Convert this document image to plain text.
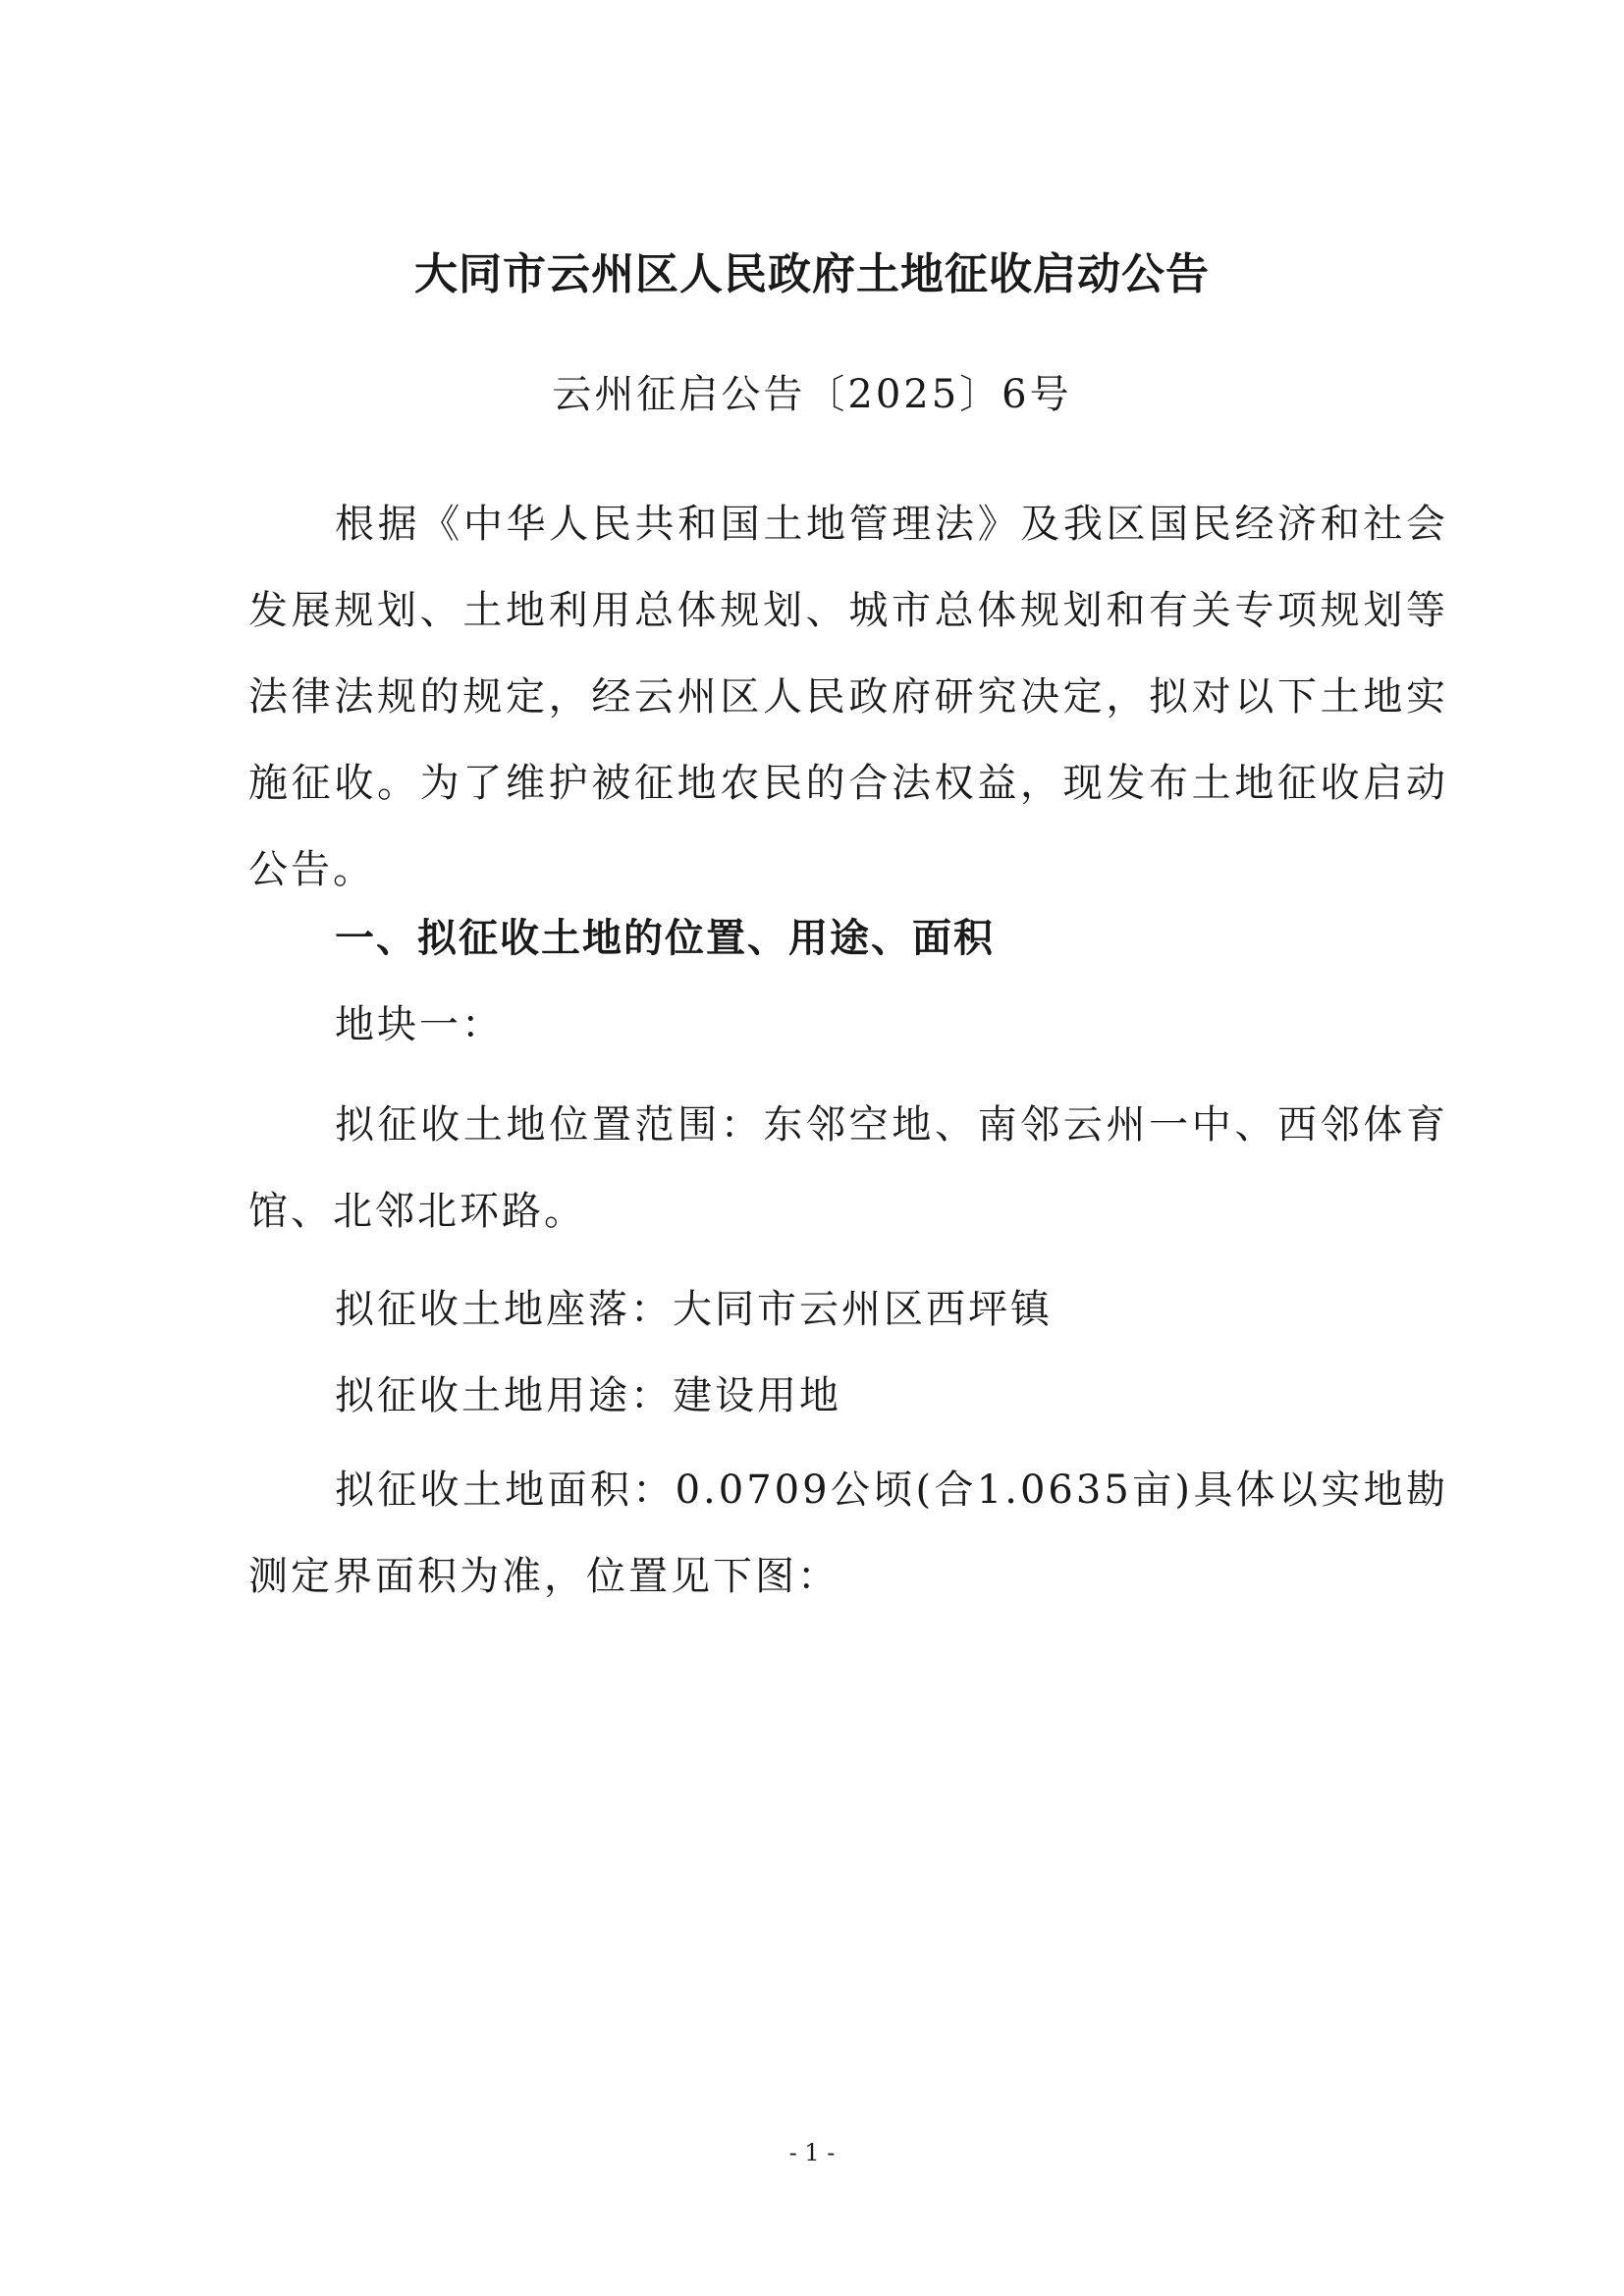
大同市云州区人民政府土地征收启动公告
云州征启公告〔2025〕6号

根据《中华人民共和国土地管理法》及我区国民经济和社会发展规划、土地利用总体规划、城市总体规划和有关专项规划等法律法规的规定，经云州区人民政府研究决定，拟对以下土地实施征收。为了维护被征地农民的合法权益，现发布土地征收启动公告。

一、拟征收土地的位置、用途、面积

地块一：

拟征收土地位置范围：东邻空地、南邻云州一中、西邻体育馆、北邻北环路。

拟征收土地座落：大同市云州区西坪镇

拟征收土地用途：建设用地

拟征收土地面积：0.0709公顷(合1.0635亩)具体以实地勘测定界面积为准，位置见下图：

- 1 -
